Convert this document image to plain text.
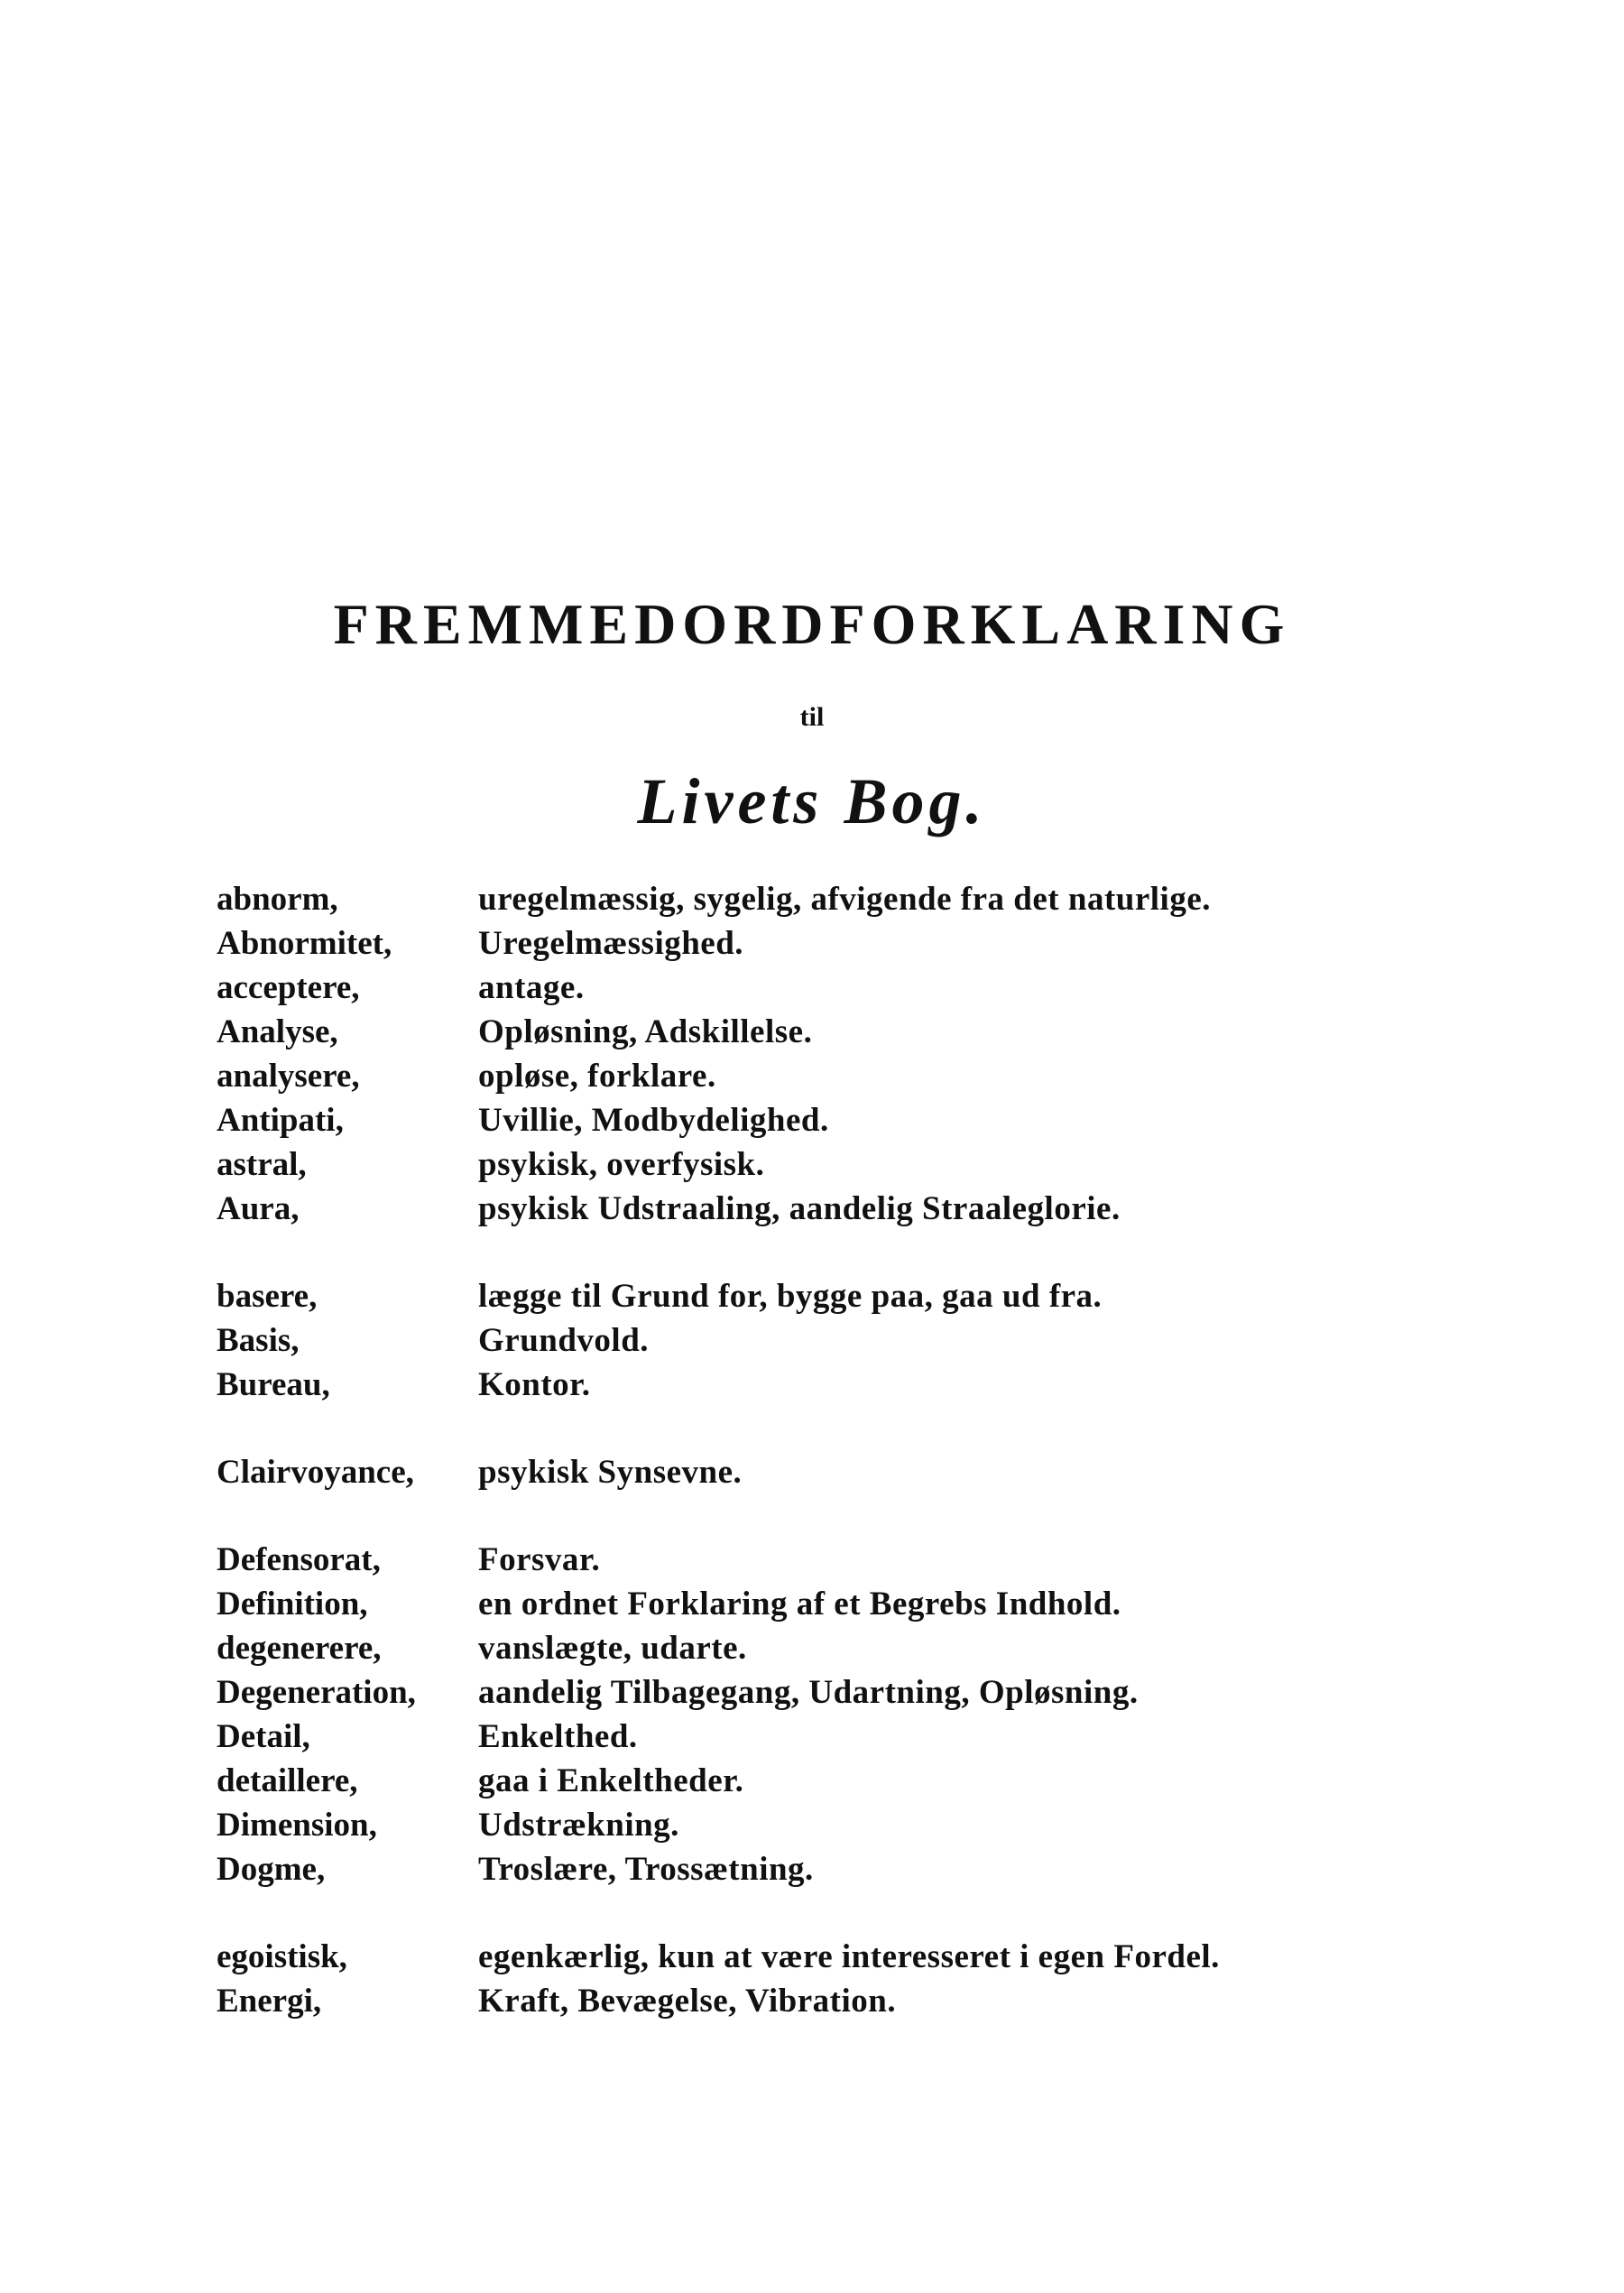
FREMMEDORDFORKLARING
til
Livets Bog.
abnorm,	uregelmæssig, sygelig, afvigende fra det naturlige.
Abnormitet,	Uregelmæssighed.
acceptere,	antage.
Analyse,	Opløsning, Adskillelse.
analysere,	opløse, forklare.
Antipati,	Uvillie, Modbydelighed.
astral,	psykisk, overfysisk.
Aura,	psykisk Udstraaling, aandelig Straaleglorie.
basere,	lægge til Grund for, bygge paa, gaa ud fra.
Basis,	Grundvold.
Bureau,	Kontor.
Clairvoyance,	psykisk Synsevne.
Defensorat,	Forsvar.
Definition,	en ordnet Forklaring af et Begrebs Indhold.
degenerere,	vanslægte, udarte.
Degeneration,	aandelig Tilbagegang, Udartning, Opløsning.
Detail,	Enkelthed.
detaillere,	gaa i Enkeltheder.
Dimension,	Udstrækning.
Dogme,	Troslære, Trossætning.
egoistisk,	egenkærlig, kun at være interesseret i egen Fordel.
Energi,	Kraft, Bevægelse, Vibration.
